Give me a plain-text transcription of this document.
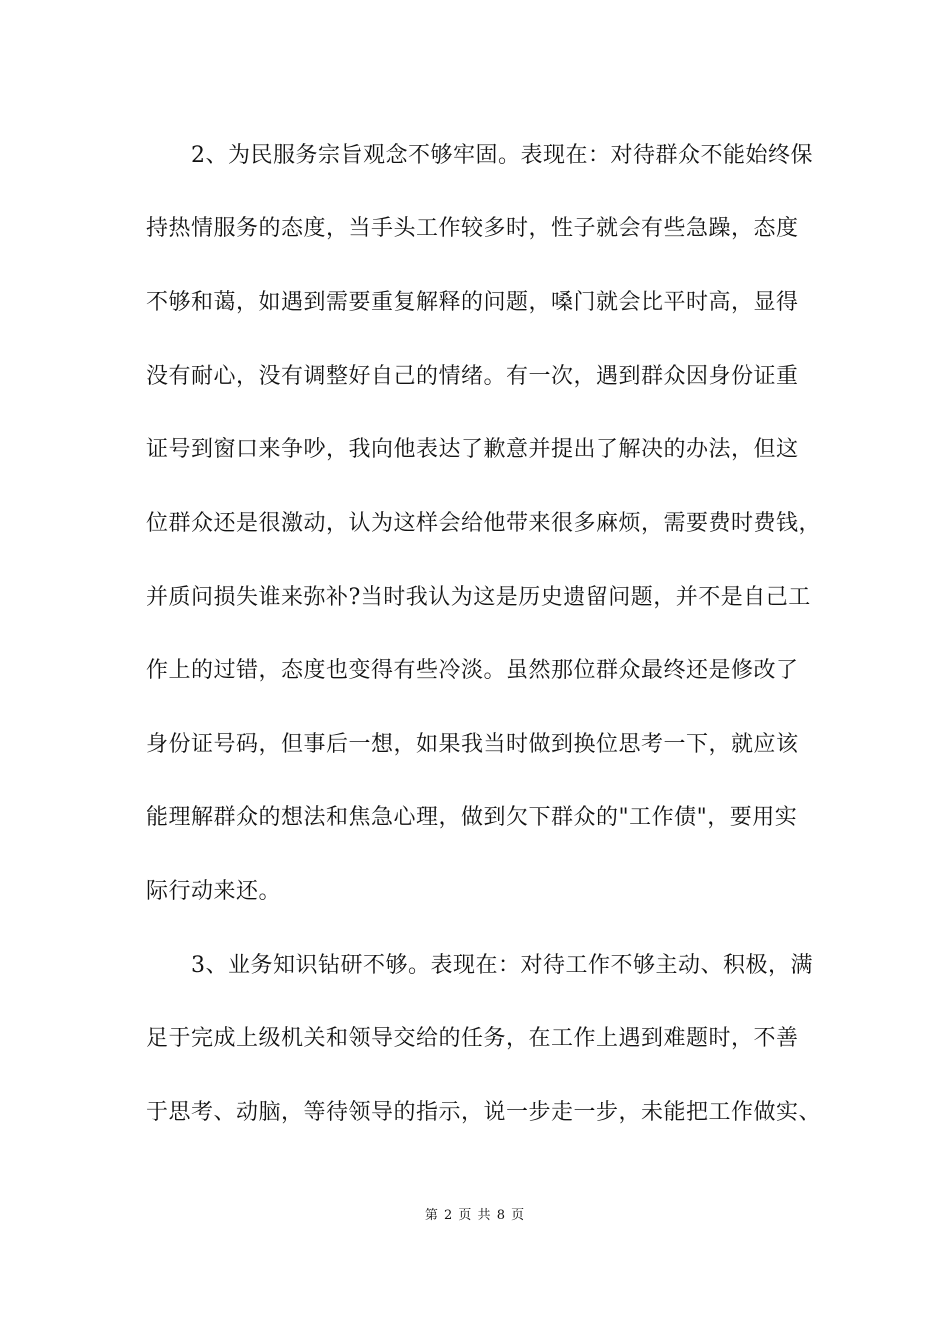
　　2、为民服务宗旨观念不够牢固。表现在：对待群众不能始终保
持热情服务的态度，当手头工作较多时，性子就会有些急躁，态度
不够和蔼，如遇到需要重复解释的问题，嗓门就会比平时高，显得
没有耐心，没有调整好自己的情绪。有一次，遇到群众因身份证重
证号到窗口来争吵，我向他表达了歉意并提出了解决的办法，但这
位群众还是很激动，认为这样会给他带来很多麻烦，需要费时费钱，
并质问损失谁来弥补?当时我认为这是历史遗留问题，并不是自己工
作上的过错，态度也变得有些冷淡。虽然那位群众最终还是修改了
身份证号码，但事后一想，如果我当时做到换位思考一下，就应该
能理解群众的想法和焦急心理，做到欠下群众的"工作债"，要用实
际行动来还。
　　3、业务知识钻研不够。表现在：对待工作不够主动、积极，满
足于完成上级机关和领导交给的任务，在工作上遇到难题时，不善
于思考、动脑，等待领导的指示，说一步走一步，未能把工作做实、
第 2 页 共 8 页
